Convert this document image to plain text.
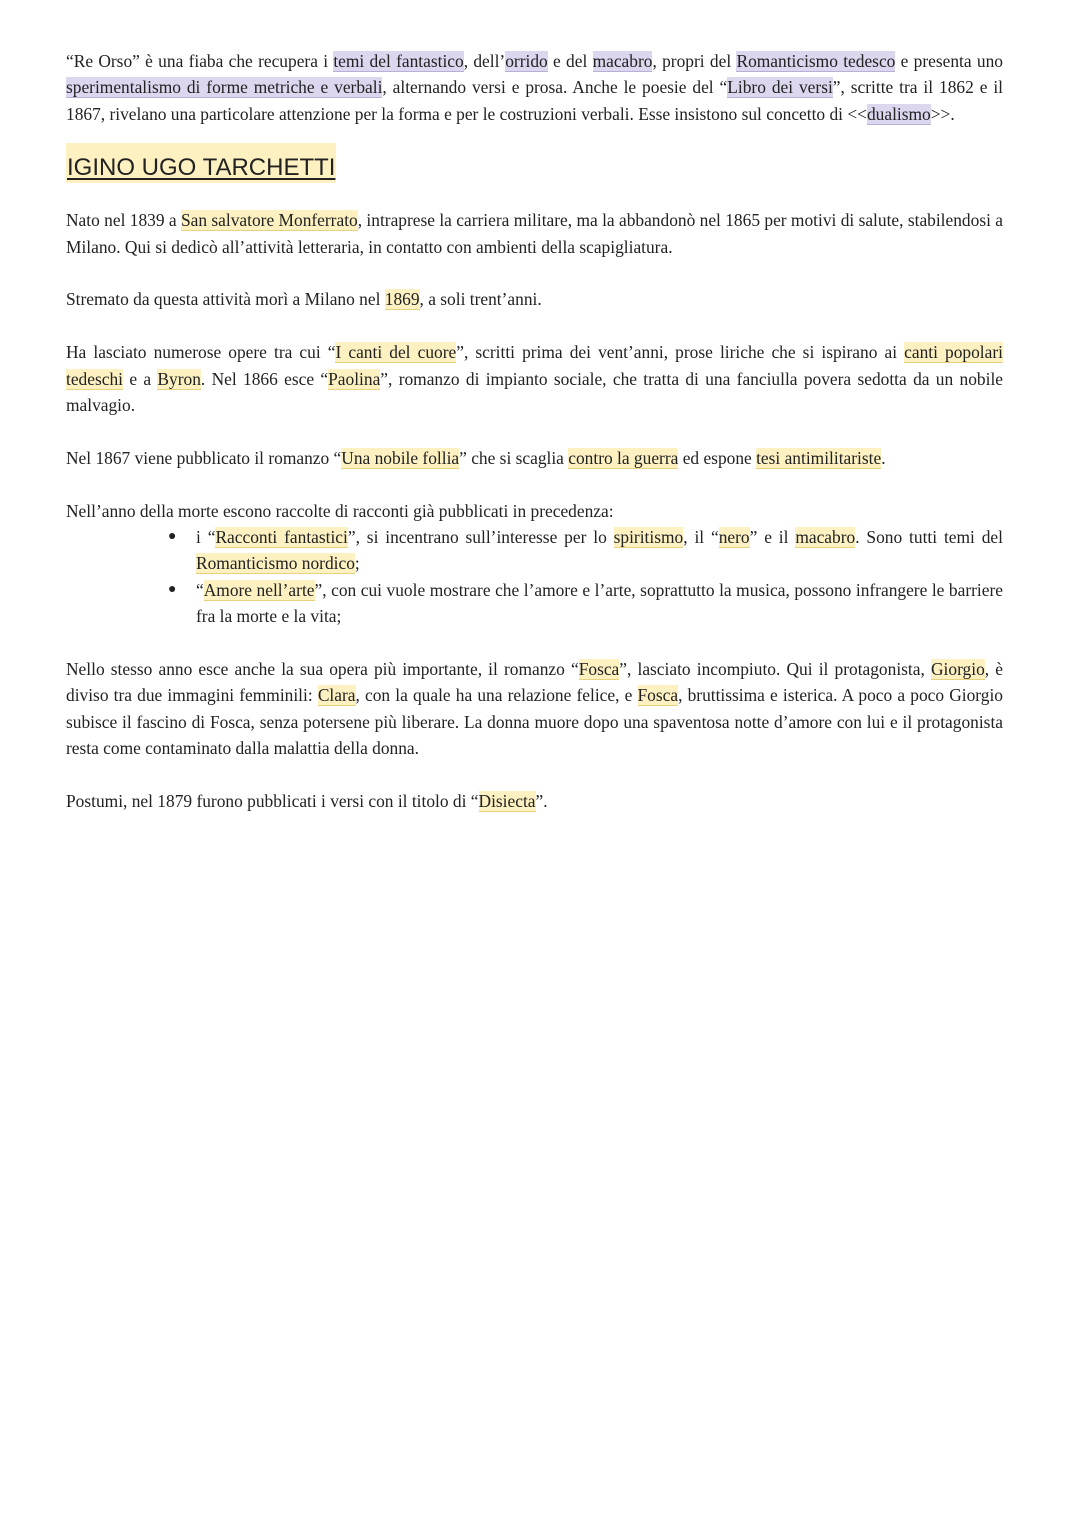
“Re Orso” è una fiaba che recupera i temi del fantastico, dell’orrido e del macabro, propri del Romanticismo tedesco e presenta uno sperimentalismo di forme metriche e verbali, alternando versi e prosa. Anche le poesie del “Libro dei versi”, scritte tra il 1862 e il 1867, rivelano una particolare attenzione per la forma e per le costruzioni verbali. Esse insistono sul concetto di <<dualismo>>.

IGINO UGO TARCHETTI

Nato nel 1839 a San salvatore Monferrato, intraprese la carriera militare, ma la abbandonò nel 1865 per motivi di salute, stabilendosi a Milano. Qui si dedicò all’attività letteraria, in contatto con ambienti della scapigliatura.

Stremato da questa attività morì a Milano nel 1869, a soli trent’anni.

Ha lasciato numerose opere tra cui “I canti del cuore”, scritti prima dei vent’anni, prose liriche che si ispirano ai canti popolari tedeschi e a Byron. Nel 1866 esce “Paolina”, romanzo di impianto sociale, che tratta di una fanciulla povera sedotta da un nobile malvagio.

Nel 1867 viene pubblicato il romanzo “Una nobile follia” che si scaglia contro la guerra ed espone tesi antimilitariste.

Nell’anno della morte escono raccolte di racconti già pubblicati in precedenza:

● i “Racconti fantastici”, si incentrano sull’interesse per lo spiritismo, il “nero” e il macabro. Sono tutti temi del Romanticismo nordico;
● “Amore nell’arte”, con cui vuole mostrare che l’amore e l’arte, soprattutto la musica, possono infrangere le barriere fra la morte e la vita;

Nello stesso anno esce anche la sua opera più importante, il romanzo “Fosca”, lasciato incompiuto. Qui il protagonista, Giorgio, è diviso tra due immagini femminili: Clara, con la quale ha una relazione felice, e Fosca, bruttissima e isterica. A poco a poco Giorgio subisce il fascino di Fosca, senza potersene più liberare. La donna muore dopo una spaventosa notte d’amore con lui e il protagonista resta come contaminato dalla malattia della donna.

Postumi, nel 1879 furono pubblicati i versi con il titolo di “Disiecta”.
